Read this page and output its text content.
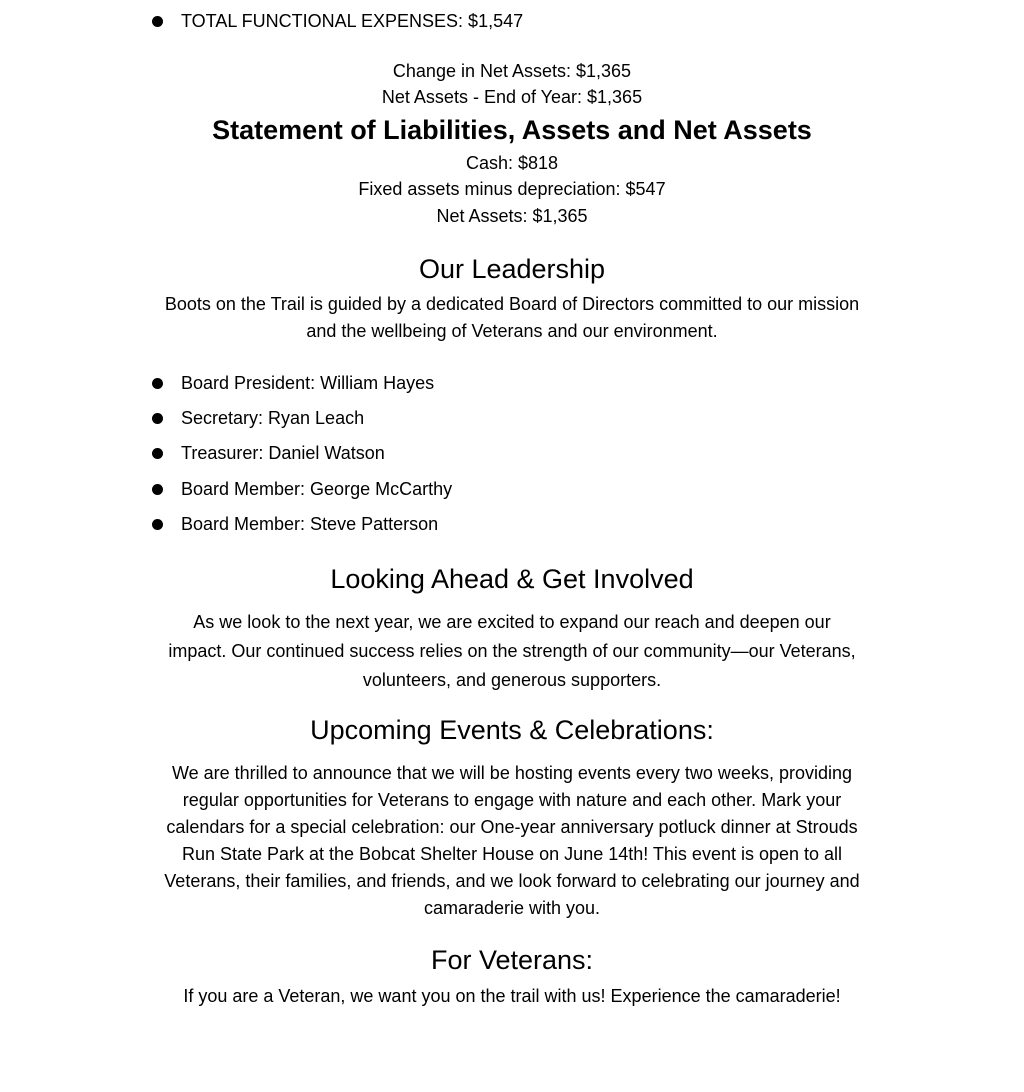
TOTAL FUNCTIONAL EXPENSES: $1,547
Change in Net Assets: $1,365
Net Assets - End of Year: $1,365
Statement of Liabilities, Assets and Net Assets
Cash: $818
Fixed assets minus depreciation: $547
Net Assets: $1,365
Our Leadership
Boots on the Trail is guided by a dedicated Board of Directors committed to our mission
and the wellbeing of Veterans and our environment.
Board President: William Hayes
Secretary: Ryan Leach
Treasurer: Daniel Watson
Board Member: George McCarthy
Board Member: Steve Patterson
Looking Ahead & Get Involved
As we look to the next year, we are excited to expand our reach and deepen our
impact. Our continued success relies on the strength of our community—our Veterans,
volunteers, and generous supporters.
Upcoming Events & Celebrations:
We are thrilled to announce that we will be hosting events every two weeks, providing
regular opportunities for Veterans to engage with nature and each other. Mark your
calendars for a special celebration: our One-year anniversary potluck dinner at Strouds
Run State Park at the Bobcat Shelter House on June 14th! This event is open to all
Veterans, their families, and friends, and we look forward to celebrating our journey and
camaraderie with you.
For Veterans:
If you are a Veteran, we want you on the trail with us! Experience the camaraderie!
